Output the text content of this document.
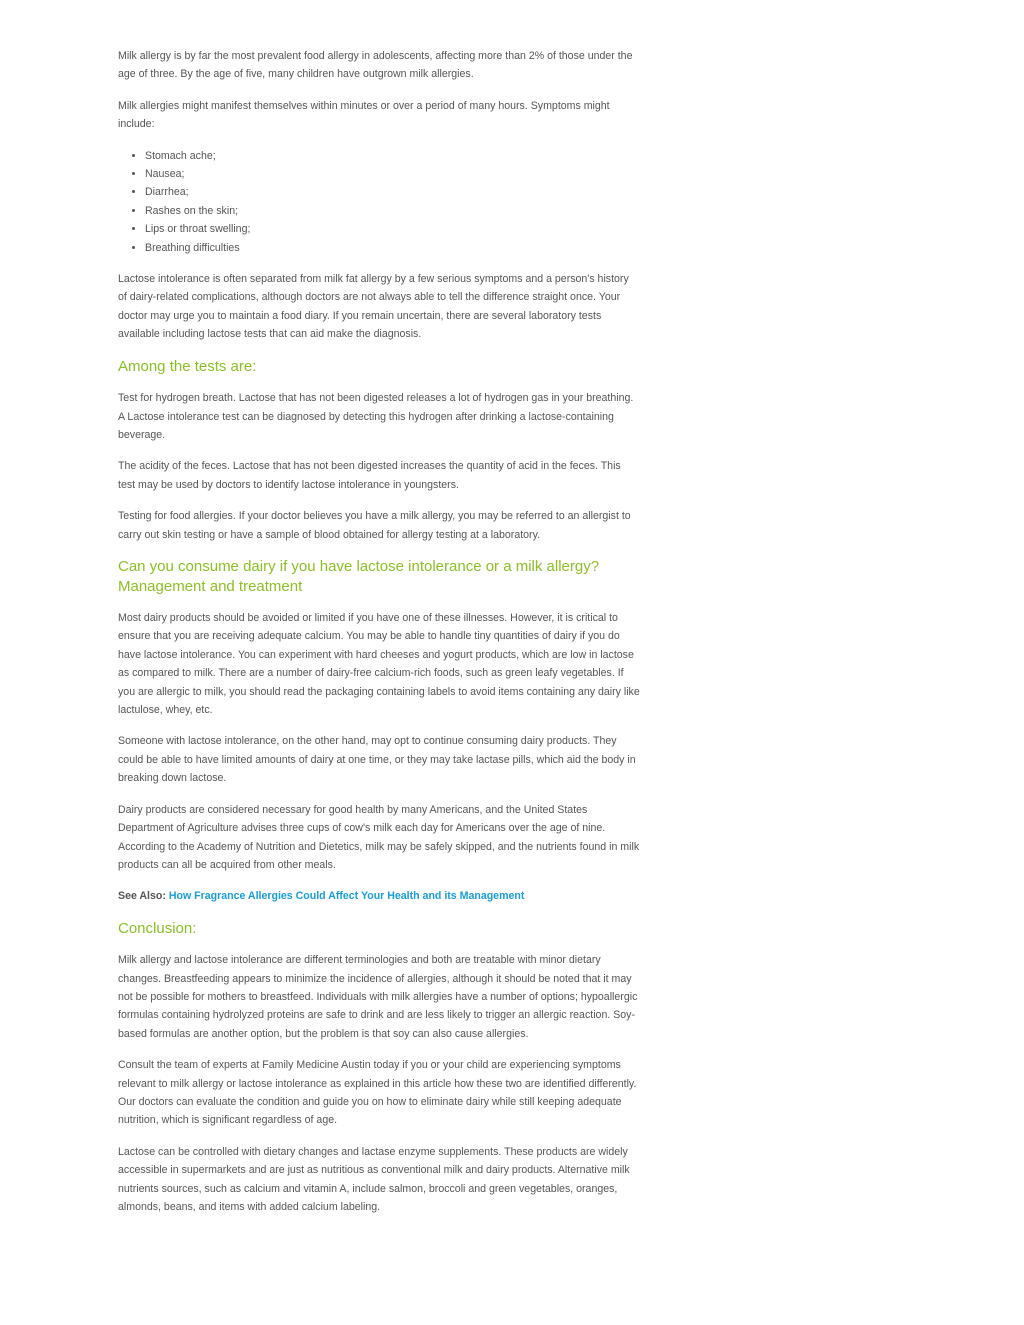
Milk allergy is by far the most prevalent food allergy in adolescents, affecting more than 2% of those under the age of three. By the age of five, many children have outgrown milk allergies.

Milk allergies might manifest themselves within minutes or over a period of many hours. Symptoms might include:

• Stomach ache;
• Nausea;
• Diarrhea;
• Rashes on the skin;
• Lips or throat swelling;
• Breathing difficulties

Lactose intolerance is often separated from milk fat allergy by a few serious symptoms and a person's history of dairy-related complications, although doctors are not always able to tell the difference straight once. Your doctor may urge you to maintain a food diary. If you remain uncertain, there are several laboratory tests available including lactose tests that can aid make the diagnosis.

Among the tests are:

Test for hydrogen breath. Lactose that has not been digested releases a lot of hydrogen gas in your breathing. A Lactose intolerance test can be diagnosed by detecting this hydrogen after drinking a lactose-containing beverage.

The acidity of the feces. Lactose that has not been digested increases the quantity of acid in the feces. This test may be used by doctors to identify lactose intolerance in youngsters.

Testing for food allergies. If your doctor believes you have a milk allergy, you may be referred to an allergist to carry out skin testing or have a sample of blood obtained for allergy testing at a laboratory.

Can you consume dairy if you have lactose intolerance or a milk allergy? Management and treatment

Most dairy products should be avoided or limited if you have one of these illnesses. However, it is critical to ensure that you are receiving adequate calcium. You may be able to handle tiny quantities of dairy if you do have lactose intolerance. You can experiment with hard cheeses and yogurt products, which are low in lactose as compared to milk. There are a number of dairy-free calcium-rich foods, such as green leafy vegetables. If you are allergic to milk, you should read the packaging containing labels to avoid items containing any dairy like lactulose, whey, etc.

Someone with lactose intolerance, on the other hand, may opt to continue consuming dairy products. They could be able to have limited amounts of dairy at one time, or they may take lactase pills, which aid the body in breaking down lactose.

Dairy products are considered necessary for good health by many Americans, and the United States Department of Agriculture advises three cups of cow's milk each day for Americans over the age of nine. According to the Academy of Nutrition and Dietetics, milk may be safely skipped, and the nutrients found in milk products can all be acquired from other meals.

See Also: How Fragrance Allergies Could Affect Your Health and its Management

Conclusion:

Milk allergy and lactose intolerance are different terminologies and both are treatable with minor dietary changes. Breastfeeding appears to minimize the incidence of allergies, although it should be noted that it may not be possible for mothers to breastfeed. Individuals with milk allergies have a number of options; hypoallergic formulas containing hydrolyzed proteins are safe to drink and are less likely to trigger an allergic reaction. Soy-based formulas are another option, but the problem is that soy can also cause allergies.

Consult the team of experts at Family Medicine Austin today if you or your child are experiencing symptoms relevant to milk allergy or lactose intolerance as explained in this article how these two are identified differently. Our doctors can evaluate the condition and guide you on how to eliminate dairy while still keeping adequate nutrition, which is significant regardless of age.

Lactose can be controlled with dietary changes and lactase enzyme supplements. These products are widely accessible in supermarkets and are just as nutritious as conventional milk and dairy products. Alternative milk nutrients sources, such as calcium and vitamin A, include salmon, broccoli and green vegetables, oranges, almonds, beans, and items with added calcium labeling.
